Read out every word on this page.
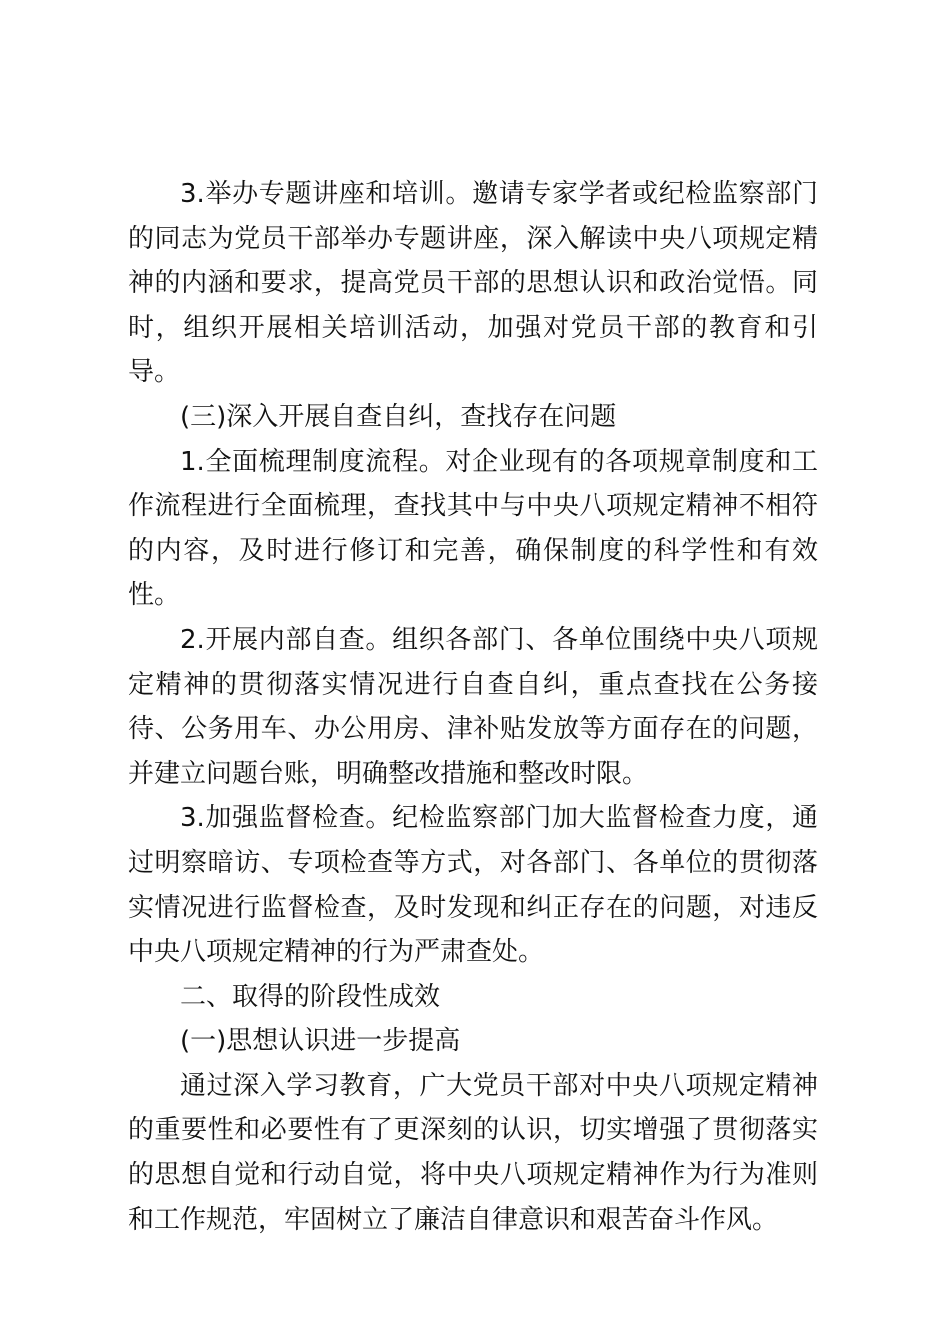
3.举办专题讲座和培训。邀请专家学者或纪检监察部门的同志为党员干部举办专题讲座，深入解读中央八项规定精神的内涵和要求，提高党员干部的思想认识和政治觉悟。同时，组织开展相关培训活动，加强对党员干部的教育和引导。

(三)深入开展自查自纠，查找存在问题

1.全面梳理制度流程。对企业现有的各项规章制度和工作流程进行全面梳理，查找其中与中央八项规定精神不相符的内容，及时进行修订和完善，确保制度的科学性和有效性。

2.开展内部自查。组织各部门、各单位围绕中央八项规定精神的贯彻落实情况进行自查自纠，重点查找在公务接待、公务用车、办公用房、津补贴发放等方面存在的问题，并建立问题台账，明确整改措施和整改时限。

3.加强监督检查。纪检监察部门加大监督检查力度，通过明察暗访、专项检查等方式，对各部门、各单位的贯彻落实情况进行监督检查，及时发现和纠正存在的问题，对违反中央八项规定精神的行为严肃查处。

二、取得的阶段性成效

(一)思想认识进一步提高

通过深入学习教育，广大党员干部对中央八项规定精神的重要性和必要性有了更深刻的认识，切实增强了贯彻落实的思想自觉和行动自觉，将中央八项规定精神作为行为准则和工作规范，牢固树立了廉洁自律意识和艰苦奋斗作风。
